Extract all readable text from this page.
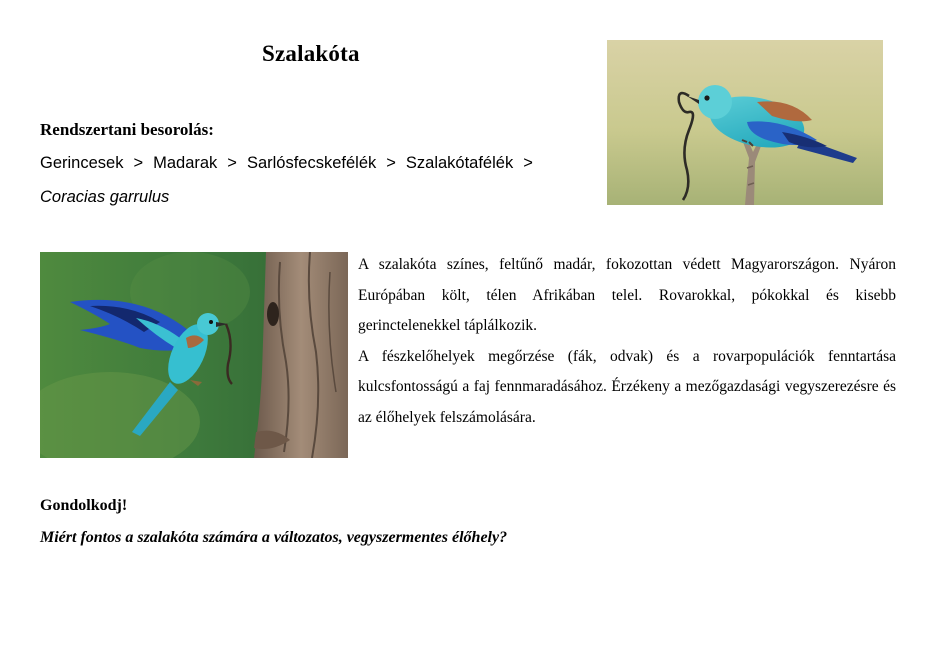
Szalakóta
Rendszertani besorolás:
Gerincesek > Madarak > Sarlósfecskefélék > Szalakótafélék >
Coracias garrulus

A szalakóta színes, feltűnő madár, fokozottan védett Magyarországon. Nyáron Európában költ, télen Afrikában telel. Rovarokkal, pókokkal és kisebb gerinctelenekkel táplálkozik.

A fészkelőhelyek megőrzése (fák, odvak) és a rovarpopulációk fenntartása kulcsfontosságú a faj fennmaradásához. Érzékeny a mezőgazdasági vegyszerezésre és az élőhelyek felszámolására.

Gondolkodj!
Miért fontos a szalakóta számára a változatos, vegyszermentes élőhely?
